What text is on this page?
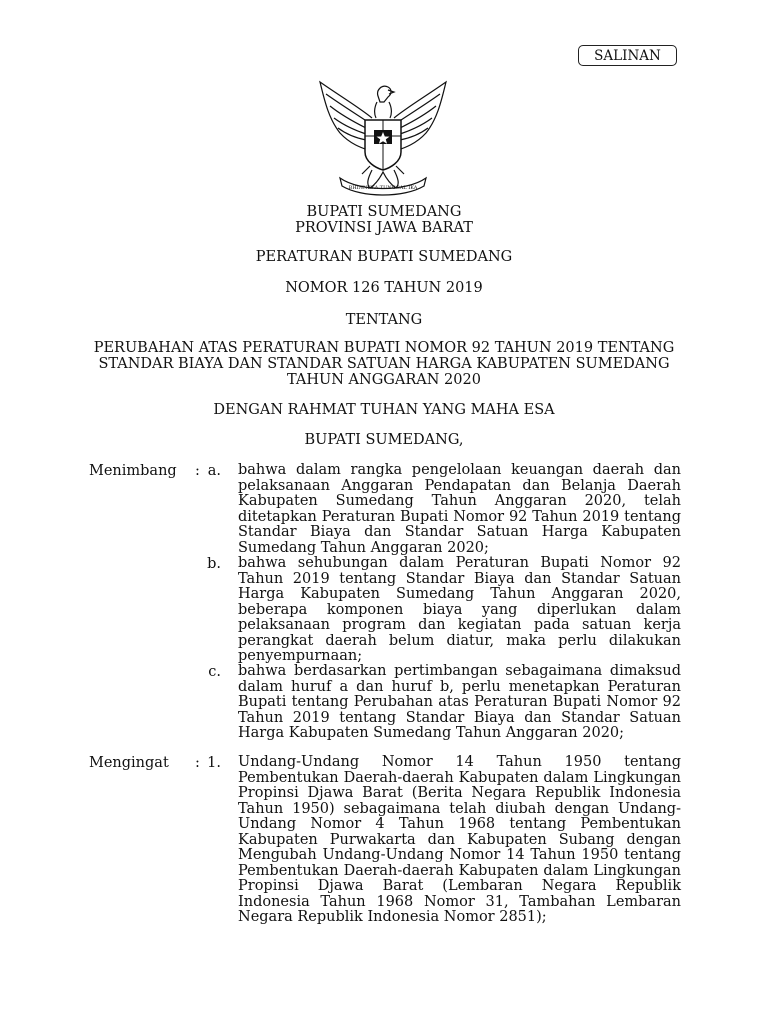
SALINAN
BHINNEKA TUNGGAL IKA
BUPATI SUMEDANG
PROVINSI JAWA BARAT
PERATURAN BUPATI SUMEDANG
NOMOR 126 TAHUN 2019
TENTANG
PERUBAHAN ATAS PERATURAN BUPATI NOMOR 92 TAHUN 2019 TENTANG
STANDAR BIAYA DAN STANDAR SATUAN HARGA KABUPATEN SUMEDANG
TAHUN ANGGARAN 2020
DENGAN RAHMAT TUHAN YANG MAHA ESA
BUPATI SUMEDANG,
Menimbang : a. bahwa dalam rangka pengelolaan keuangan daerah dan pelaksanaan Anggaran Pendapatan dan Belanja Daerah Kabupaten Sumedang Tahun Anggaran 2020, telah ditetapkan Peraturan Bupati Nomor 92 Tahun 2019 tentang Standar Biaya dan Standar Satuan Harga Kabupaten Sumedang Tahun Anggaran 2020;
b. bahwa sehubungan dalam Peraturan Bupati Nomor 92 Tahun 2019 tentang Standar Biaya dan Standar Satuan Harga Kabupaten Sumedang Tahun Anggaran 2020, beberapa komponen biaya yang diperlukan dalam pelaksanaan program dan kegiatan pada satuan kerja perangkat daerah belum diatur, maka perlu dilakukan penyempurnaan;
c. bahwa berdasarkan pertimbangan sebagaimana dimaksud dalam huruf a dan huruf b, perlu menetapkan Peraturan Bupati tentang Perubahan atas Peraturan Bupati Nomor 92 Tahun 2019 tentang Standar Biaya dan Standar Satuan Harga Kabupaten Sumedang Tahun Anggaran 2020;
Mengingat : 1. Undang-Undang Nomor 14 Tahun 1950 tentang Pembentukan Daerah-daerah Kabupaten dalam Lingkungan Propinsi Djawa Barat (Berita Negara Republik Indonesia Tahun 1950) sebagaimana telah diubah dengan Undang-Undang Nomor 4 Tahun 1968 tentang Pembentukan Kabupaten Purwakarta dan Kabupaten Subang dengan Mengubah Undang-Undang Nomor 14 Tahun 1950 tentang Pembentukan Daerah-daerah Kabupaten dalam Lingkungan Propinsi Djawa Barat (Lembaran Negara Republik Indonesia Tahun 1968 Nomor 31, Tambahan Lembaran Negara Republik Indonesia Nomor 2851);
